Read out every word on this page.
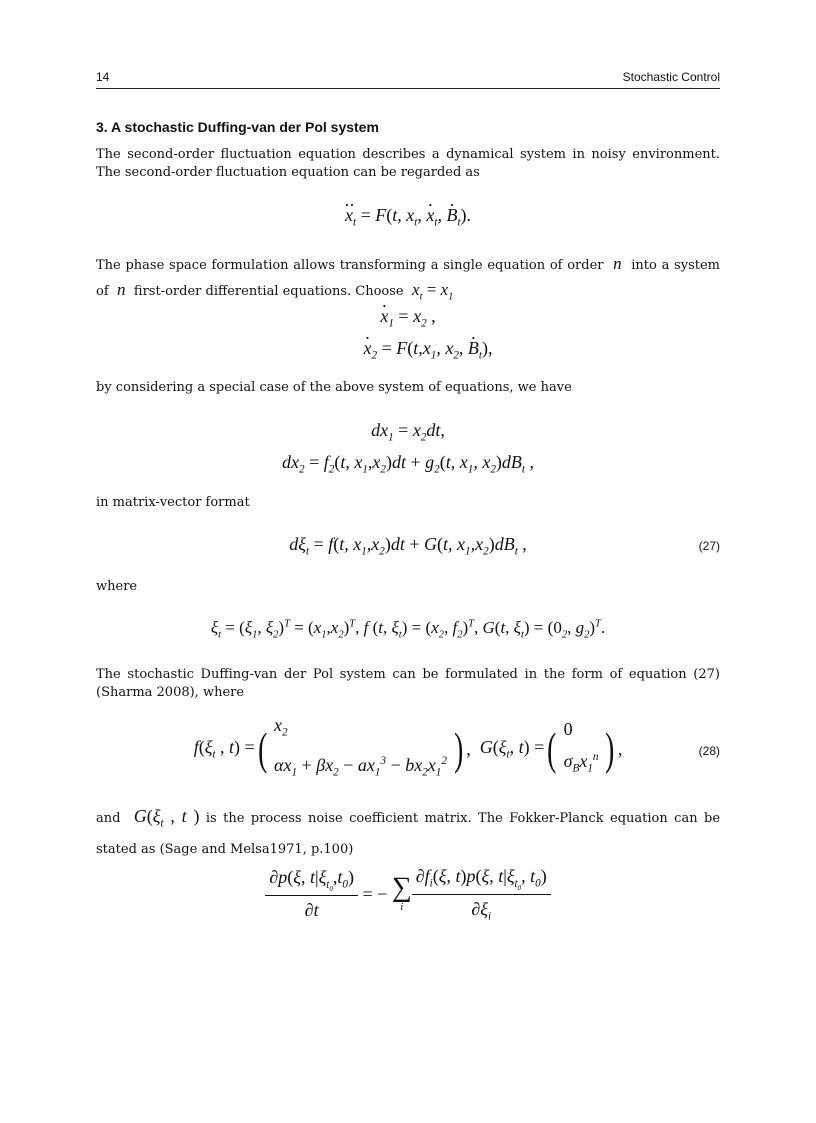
14	Stochastic Control
3. A stochastic Duffing-van der Pol system
The second-order fluctuation equation describes a dynamical system in noisy environment. The second-order fluctuation equation can be regarded as
$x \cdot\cdot_t = F(t$, $x_t$, $x \cdot_t$, $B \cdot_t$).
The phase space formulation allows transforming a single equation of order  n  into a system of  n  first-order differential equations. Choose  $x_t = x_1$
$x \cdot_1 = x_2$ ,
$x \cdot_2 = F(t,x_1$, $x_2$, $B \cdot_t$),
by considering a special case of the above system of equations, we have
$dx_1 = x_2dt$,
$dx_2 = f_2(t$, $x_1,x_2)dt + g_2(t$, $x_1$, $x_2)dB_t$ ,
in matrix-vector format
$d\xi_t = f(t$, $x_1,x_2)dt + G(t$, $x_1,x_2)dB_t$ ,	(27)
where
$\xi_t = (\xi_1$, $\xi_2)^T = (x_1,x_2)^T$, f (t, $\xi_t) = (x_2$, $f_2)^T$, G(t, $\xi_t) = (0_2$, $g_2)^T$.
The stochastic Duffing-van der Pol system can be formulated in the form of equation (27) (Sharma 2008), where
$f(\xi_t$ , t) = ( $x_2$
$\alpha x_1 + \beta x_2 - ax_1^3 - bx_2x_1^2$ ) , $G(\xi_t$, t) = ( 0
$\sigma_Bx_1^n$ ) ,	(28)
and  $G(\xi_t$ , t ) is the process noise coefficient matrix. The Fokker-Planck equation can be stated as (Sage and Melsa1971, p.100)
$\frac{\partial p(\xi, t|\xi_{t_0},t_0)}{\partial t}$ = − ∑
i $\frac{\partial f_i(\xi, t)p(\xi, t|\xi_{t_0}, t_0)}{\partial\xi_i}$
